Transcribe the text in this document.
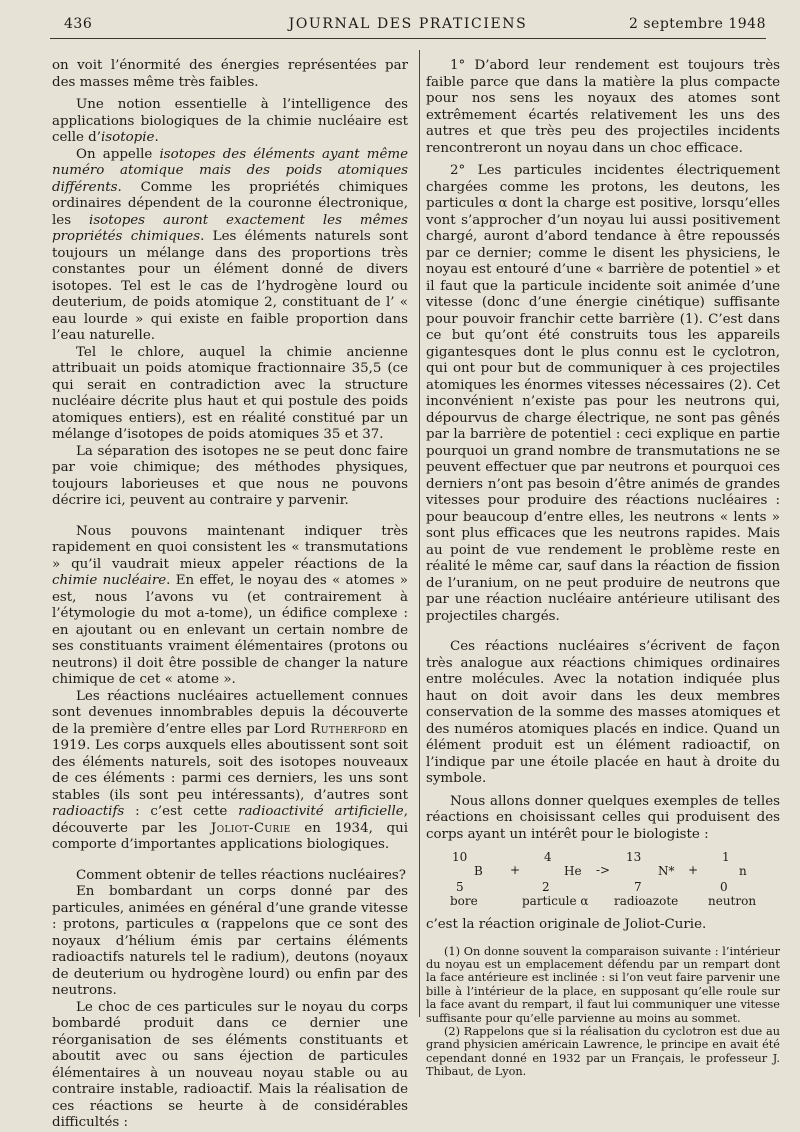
436	JOURNAL DES PRATICIENS	2 septembre 1948

on voit l’énormité des énergies représentées par des masses même très faibles.

Une notion essentielle à l’intelligence des applications biologiques de la chimie nucléaire est celle d’isotopie.

On appelle isotopes des éléments ayant même numéro atomique mais des poids atomiques différents. Comme les propriétés chimiques ordinaires dépendent de la couronne électronique, les isotopes auront exactement les mêmes propriétés chimiques. Les éléments naturels sont toujours un mélange dans des proportions très constantes pour un élément donné de divers isotopes. Tel est le cas de l’hydrogène lourd ou deuterium, de poids atomique 2, constituant de l’ « eau lourde » qui existe en faible proportion dans l’eau naturelle.

Tel le chlore, auquel la chimie ancienne attribuait un poids atomique fractionnaire 35,5 (ce qui serait en contradiction avec la structure nucléaire décrite plus haut et qui postule des poids atomiques entiers), est en réalité constitué par un mélange d’isotopes de poids atomiques 35 et 37.

La séparation des isotopes ne se peut donc faire par voie chimique; des méthodes physiques, toujours laborieuses et que nous ne pouvons décrire ici, peuvent au contraire y parvenir.

Nous pouvons maintenant indiquer très rapidement en quoi consistent les « transmutations » qu’il vaudrait mieux appeler réactions de la chimie nucléaire. En effet, le noyau des « atomes » est, nous l’avons vu (et contrairement à l’étymologie du mot a-tome), un édifice complexe : en ajoutant ou en enlevant un certain nombre de ses constituants vraiment élémentaires (protons ou neutrons) il doit être possible de changer la nature chimique de cet « atome ».

Les réactions nucléaires actuellement connues sont devenues innombrables depuis la découverte de la première d’entre elles par Lord Rutherford en 1919. Les corps auxquels elles aboutissent sont soit des éléments naturels, soit des isotopes nouveaux de ces éléments : parmi ces derniers, les uns sont stables (ils sont peu intéressants), d’autres sont radioactifs : c’est cette radioactivité artificielle, découverte par les Joliot-Curie en 1934, qui comporte d’importantes applications biologiques.

Comment obtenir de telles réactions nucléaires?

En bombardant un corps donné par des particules, animées en général d’une grande vitesse : protons, particules α (rappelons que ce sont des noyaux d’hélium émis par certains éléments radioactifs naturels tel le radium), deutons (noyaux de deuterium ou hydrogène lourd) ou enfin par des neutrons.

Le choc de ces particules sur le noyau du corps bombardé produit dans ce dernier une réorganisation de ses éléments constituants et aboutit avec ou sans éjection de particules élémentaires à un nouveau noyau stable ou au contraire instable, radioactif. Mais la réalisation de ces réactions se heurte à de considérables difficultés :

1° D’abord leur rendement est toujours très faible parce que dans la matière la plus compacte pour nos sens les noyaux des atomes sont extrêmement écartés relativement les uns des autres et que très peu des projectiles incidents rencontreront un noyau dans un choc efficace.

2° Les particules incidentes électriquement chargées comme les protons, les deutons, les particules α dont la charge est positive, lorsqu’elles vont s’approcher d’un noyau lui aussi positivement chargé, auront d’abord tendance à être repoussés par ce dernier; comme le disent les physiciens, le noyau est entouré d’une « barrière de potentiel » et il faut que la particule incidente soit animée d’une vitesse (donc d’une énergie cinétique) suffisante pour pouvoir franchir cette barrière (1). C’est dans ce but qu’ont été construits tous les appareils gigantesques dont le plus connu est le cyclotron, qui ont pour but de communiquer à ces projectiles atomiques les énormes vitesses nécessaires (2). Cet inconvénient n’existe pas pour les neutrons qui, dépourvus de charge électrique, ne sont pas gênés par la barrière de potentiel : ceci explique en partie pourquoi un grand nombre de transmutations ne se peuvent effectuer que par neutrons et pourquoi ces derniers n’ont pas besoin d’être animés de grandes vitesses pour produire des réactions nucléaires : pour beaucoup d’entre elles, les neutrons « lents » sont plus efficaces que les neutrons rapides. Mais au point de vue rendement le problème reste en réalité le même car, sauf dans la réaction de fission de l’uranium, on ne peut produire de neutrons que par une réaction nucléaire antérieure utilisant des projectiles chargés.

Ces réactions nucléaires s’écrivent de façon très analogue aux réactions chimiques ordinaires entre molécules. Avec la notation indiquée plus haut on doit avoir dans les deux membres conservation de la somme des masses atomiques et des numéros atomiques placés en indice. Quand un élément produit est un élément radioactif, on l’indique par une étoile placée en haut à droite du symbole.

Nous allons donner quelques exemples de telles réactions en choisissant celles qui produisent des corps ayant un intérêt pour le biologiste :

10
B
5
bore
+
4
He
2
particule α
->
13
N*
7
radioazote
+
1
n
0
neutron

c’est la réaction originale de Joliot-Curie.

(1) On donne souvent la comparaison suivante : l’intérieur du noyau est un emplacement défendu par un rempart dont la face antérieure est inclinée : si l’on veut faire parvenir une bille à l’intérieur de la place, en supposant qu’elle roule sur la face avant du rempart, il faut lui communiquer une vitesse suffisante pour qu’elle parvienne au moins au sommet.

(2) Rappelons que si la réalisation du cyclotron est due au grand physicien américain Lawrence, le principe en avait été cependant donné en 1932 par un Français, le professeur J. Thibaut, de Lyon.
